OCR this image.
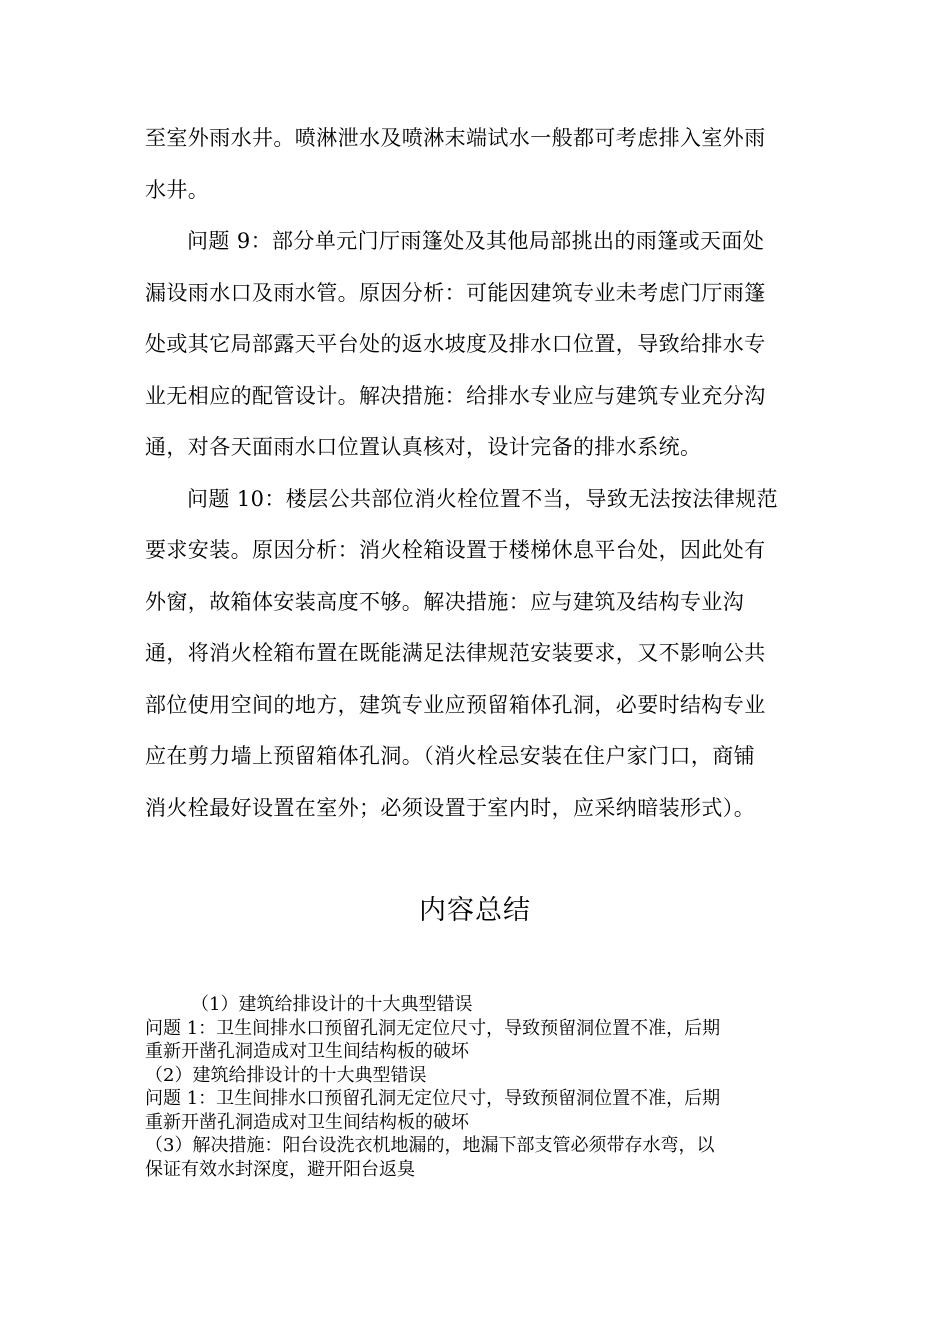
至室外雨水井。喷淋泄水及喷淋末端试水一般都可考虑排入室外雨
水井。
问题 9：部分单元门厅雨篷处及其他局部挑出的雨篷或天面处
漏设雨水口及雨水管。原因分析：可能因建筑专业未考虑门厅雨篷
处或其它局部露天平台处的返水坡度及排水口位置，导致给排水专
业无相应的配管设计。解决措施：给排水专业应与建筑专业充分沟
通，对各天面雨水口位置认真核对，设计完备的排水系统。
问题 10：楼层公共部位消火栓位置不当，导致无法按法律规范
要求安装。原因分析：消火栓箱设置于楼梯休息平台处，因此处有
外窗，故箱体安装高度不够。解决措施：应与建筑及结构专业沟
通，将消火栓箱布置在既能满足法律规范安装要求，又不影响公共
部位使用空间的地方，建筑专业应预留箱体孔洞，必要时结构专业
应在剪力墙上预留箱体孔洞。（消火栓忌安装在住户家门口，商铺
消火栓最好设置在室外；必须设置于室内时，应采纳暗装形式）。
内容总结
（1）建筑给排设计的十大典型错误
问题 1：卫生间排水口预留孔洞无定位尺寸，导致预留洞位置不准，后期
重新开凿孔洞造成对卫生间结构板的破坏
（2）建筑给排设计的十大典型错误
问题 1：卫生间排水口预留孔洞无定位尺寸，导致预留洞位置不准，后期
重新开凿孔洞造成对卫生间结构板的破坏
（3）解决措施：阳台设洗衣机地漏的，地漏下部支管必须带存水弯，以
保证有效水封深度，避开阳台返臭
